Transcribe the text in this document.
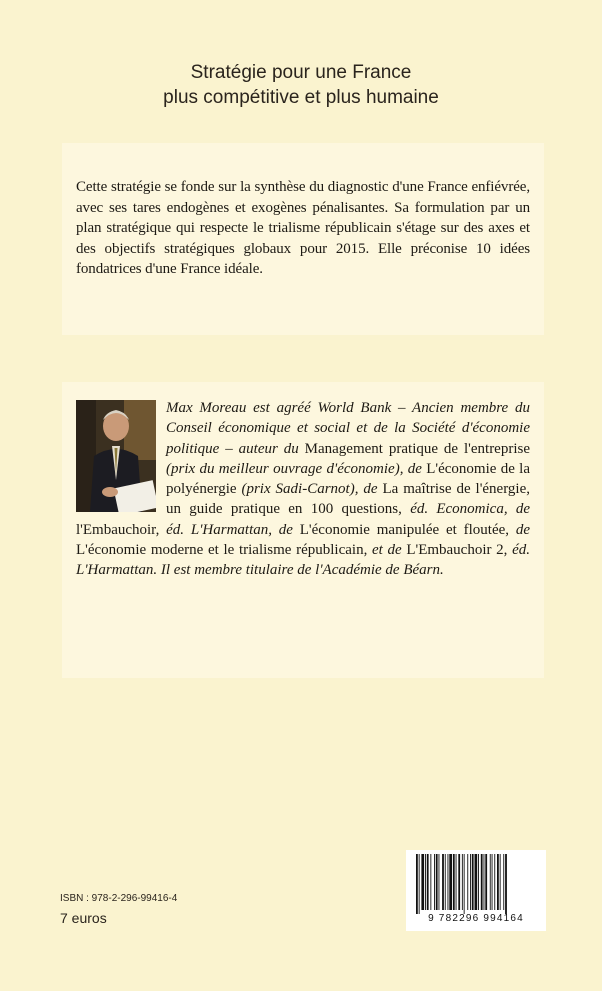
Stratégie pour une France
plus compétitive et plus humaine
Cette stratégie se fonde sur la synthèse du diagnostic d'une France enfiévrée, avec ses tares endogènes et exogènes pénalisantes. Sa formulation par un plan stratégique qui respecte le trialisme républicain s'étage sur des axes et des objectifs stratégiques globaux pour 2015. Elle préconise 10 idées fondatrices d'une France idéale.
Max Moreau est agréé World Bank – Ancien membre du Conseil économique et social et de la Société d'économie politique – auteur du Management pratique de l'entreprise (prix du meilleur ouvrage d'économie), de L'économie de la polyénergie (prix Sadi-Carnot), de La maîtrise de l'énergie, un guide pratique en 100 questions, éd. Economica, de l'Embauchoir, éd. L'Harmattan, de L'économie manipulée et floutée, de L'économie moderne et le trialisme républicain, et de L'Embauchoir 2, éd. L'Harmattan. Il est membre titulaire de l'Académie de Béarn.
ISBN : 978-2-296-99416-4
7 euros	9 782296 994164
